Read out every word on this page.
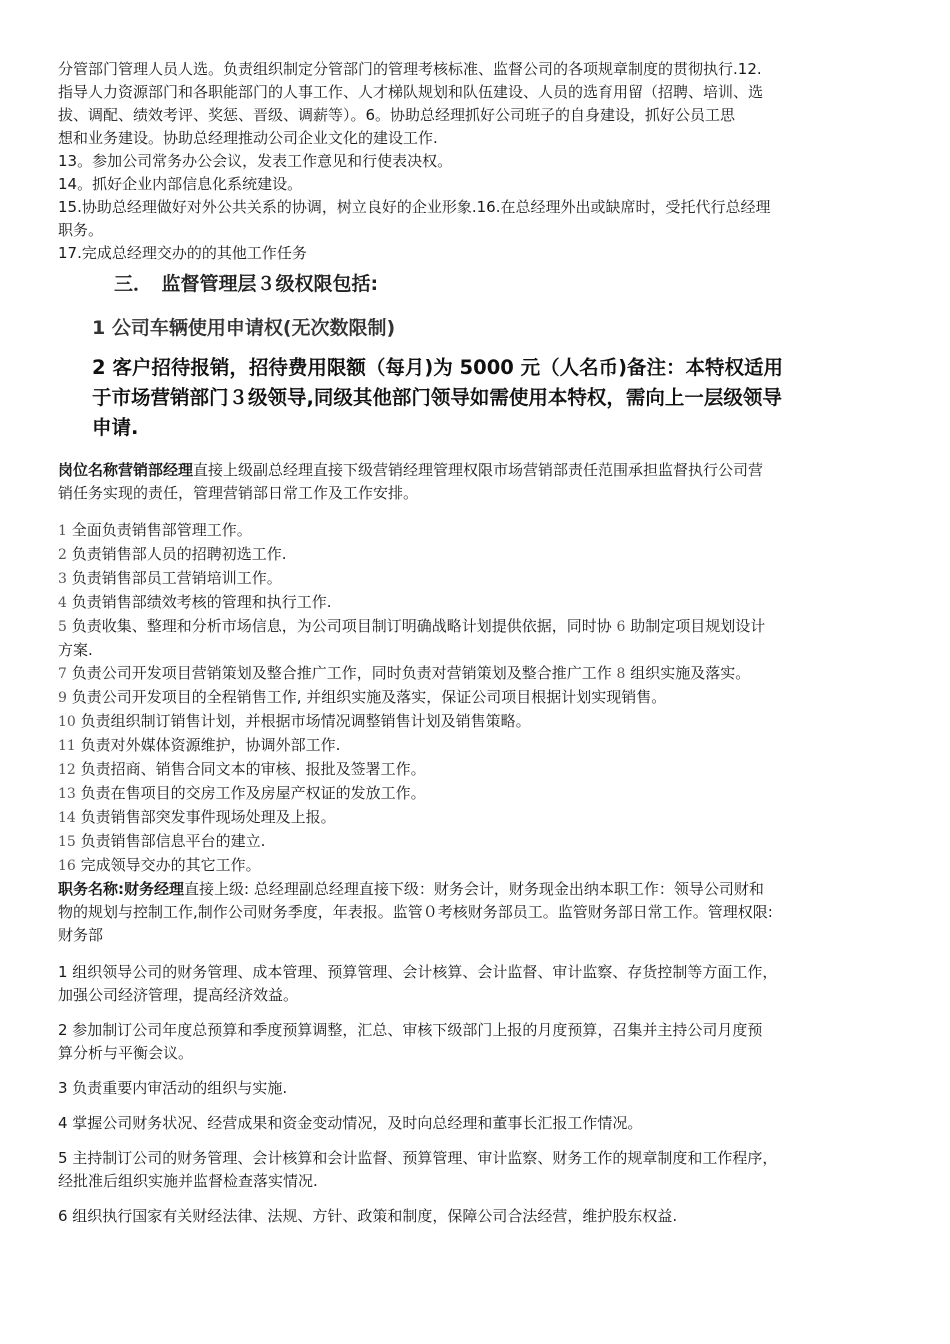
分管部门管理人员人选。负责组织制定分管部门的管理考核标准、监督公司的各项规章制度的贯彻执行.12.
指导人力资源部门和各职能部门的人事工作、人才梯队规划和队伍建设、人员的选育用留（招聘、培训、选
拔、调配、绩效考评、奖惩、晋级、调薪等）。6。协助总经理抓好公司班子的自身建设，抓好公员工思
想和业务建设。协助总经理推动公司企业文化的建设工作.
13。参加公司常务办公会议，发表工作意见和行使表决权。
14。抓好企业内部信息化系统建设。
15.协助总经理做好对外公共关系的协调，树立良好的企业形象.16.在总经理外出或缺席时，受托代行总经理
职务。
17.完成总经理交办的的其他工作任务
三．　监督管理层３级权限包括:
1 公司车辆使用申请权(无次数限制)
2 客户招待报销，招待费用限额（每月)为 5000 元（人名币)备注：本特权适用
于市场营销部门３级领导,同级其他部门领导如需使用本特权，需向上一层级领导
申请.
岗位名称营销部经理直接上级副总经理直接下级营销经理管理权限市场营销部责任范围承担监督执行公司营
销任务实现的责任，管理营销部日常工作及工作安排。
1 全面负责销售部管理工作。
2 负责销售部人员的招聘初选工作.
3 负责销售部员工营销培训工作。
4 负责销售部绩效考核的管理和执行工作.
5 负责收集、整理和分析市场信息，为公司项目制订明确战略计划提供依据，同时协 6 助制定项目规划设计
方案.
7 负责公司开发项目营销策划及整合推广工作，同时负责对营销策划及整合推广工作 8 组织实施及落实。
9 负责公司开发项目的全程销售工作, 并组织实施及落实，保证公司项目根据计划实现销售。
10 负责组织制订销售计划，并根据市场情况调整销售计划及销售策略。
11 负责对外媒体资源维护，协调外部工作.
12 负责招商、销售合同文本的审核、报批及签署工作。
13 负责在售项目的交房工作及房屋产权证的发放工作。
14 负责销售部突发事件现场处理及上报。
15 负责销售部信息平台的建立.
16 完成领导交办的其它工作。
职务名称:财务经理直接上级: 总经理副总经理直接下级：财务会计，财务现金出纳本职工作：领导公司财和
物的规划与控制工作,制作公司财务季度，年表报。监管０考核财务部员工。监管财务部日常工作。管理权限:
财务部
1 组织领导公司的财务管理、成本管理、预算管理、会计核算、会计监督、审计监察、存货控制等方面工作，
加强公司经济管理，提高经济效益。
2 参加制订公司年度总预算和季度预算调整，汇总、审核下级部门上报的月度预算，召集并主持公司月度预
算分析与平衡会议。
3 负责重要内审活动的组织与实施.
4 掌握公司财务状况、经营成果和资金变动情况，及时向总经理和董事长汇报工作情况。
5 主持制订公司的财务管理、会计核算和会计监督、预算管理、审计监察、财务工作的规章制度和工作程序，
经批准后组织实施并监督检查落实情况.
6 组织执行国家有关财经法律、法规、方针、政策和制度，保障公司合法经营，维护股东权益.
